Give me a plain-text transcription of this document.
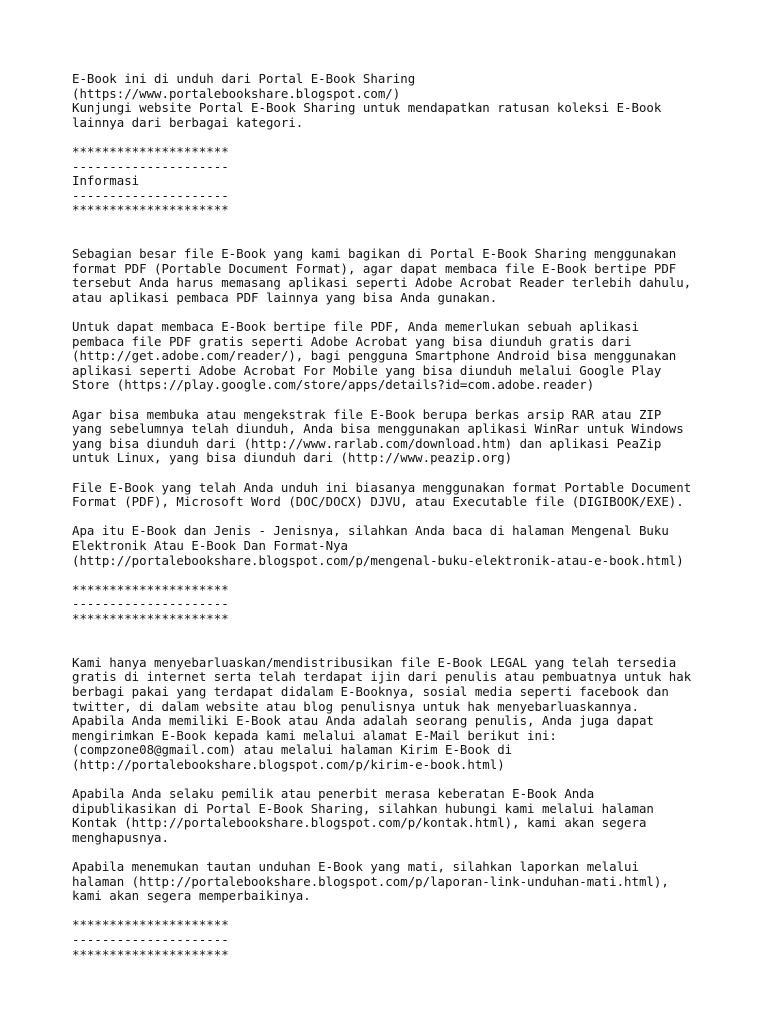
E-Book ini di unduh dari Portal E-Book Sharing
(https://www.portalebookshare.blogspot.com/)
Kunjungi website Portal E-Book Sharing untuk mendapatkan ratusan koleksi E-Book
lainnya dari berbagai kategori.
*********************
---------------------
Informasi
---------------------
*********************
Sebagian besar file E-Book yang kami bagikan di Portal E-Book Sharing menggunakan
format PDF (Portable Document Format), agar dapat membaca file E-Book bertipe PDF
tersebut Anda harus memasang aplikasi seperti Adobe Acrobat Reader terlebih dahulu,
atau aplikasi pembaca PDF lainnya yang bisa Anda gunakan.
Untuk dapat membaca E-Book bertipe file PDF, Anda memerlukan sebuah aplikasi
pembaca file PDF gratis seperti Adobe Acrobat yang bisa diunduh gratis dari
(http://get.adobe.com/reader/), bagi pengguna Smartphone Android bisa menggunakan
aplikasi seperti Adobe Acrobat For Mobile yang bisa diunduh melalui Google Play
Store (https://play.google.com/store/apps/details?id=com.adobe.reader)
Agar bisa membuka atau mengekstrak file E-Book berupa berkas arsip RAR atau ZIP
yang sebelumnya telah diunduh, Anda bisa menggunakan aplikasi WinRar untuk Windows
yang bisa diunduh dari (http://www.rarlab.com/download.htm) dan aplikasi PeaZip
untuk Linux, yang bisa diunduh dari (http://www.peazip.org)
File E-Book yang telah Anda unduh ini biasanya menggunakan format Portable Document
Format (PDF), Microsoft Word (DOC/DOCX) DJVU, atau Executable file (DIGIBOOK/EXE).
Apa itu E-Book dan Jenis - Jenisnya, silahkan Anda baca di halaman Mengenal Buku
Elektronik Atau E-Book Dan Format-Nya
(http://portalebookshare.blogspot.com/p/mengenal-buku-elektronik-atau-e-book.html)
*********************
---------------------
*********************
Kami hanya menyebarluaskan/mendistribusikan file E-Book LEGAL yang telah tersedia
gratis di internet serta telah terdapat ijin dari penulis atau pembuatnya untuk hak
berbagi pakai yang terdapat didalam E-Booknya, sosial media seperti facebook dan
twitter, di dalam website atau blog penulisnya untuk hak menyebarluaskannya.
Apabila Anda memiliki E-Book atau Anda adalah seorang penulis, Anda juga dapat
mengirimkan E-Book kepada kami melalui alamat E-Mail berikut ini:
(compzone08@gmail.com) atau melalui halaman Kirim E-Book di
(http://portalebookshare.blogspot.com/p/kirim-e-book.html)
Apabila Anda selaku pemilik atau penerbit merasa keberatan E-Book Anda
dipublikasikan di Portal E-Book Sharing, silahkan hubungi kami melalui halaman
Kontak (http://portalebookshare.blogspot.com/p/kontak.html), kami akan segera
menghapusnya.
Apabila menemukan tautan unduhan E-Book yang mati, silahkan laporkan melalui
halaman (http://portalebookshare.blogspot.com/p/laporan-link-unduhan-mati.html),
kami akan segera memperbaikinya.
*********************
---------------------
*********************
